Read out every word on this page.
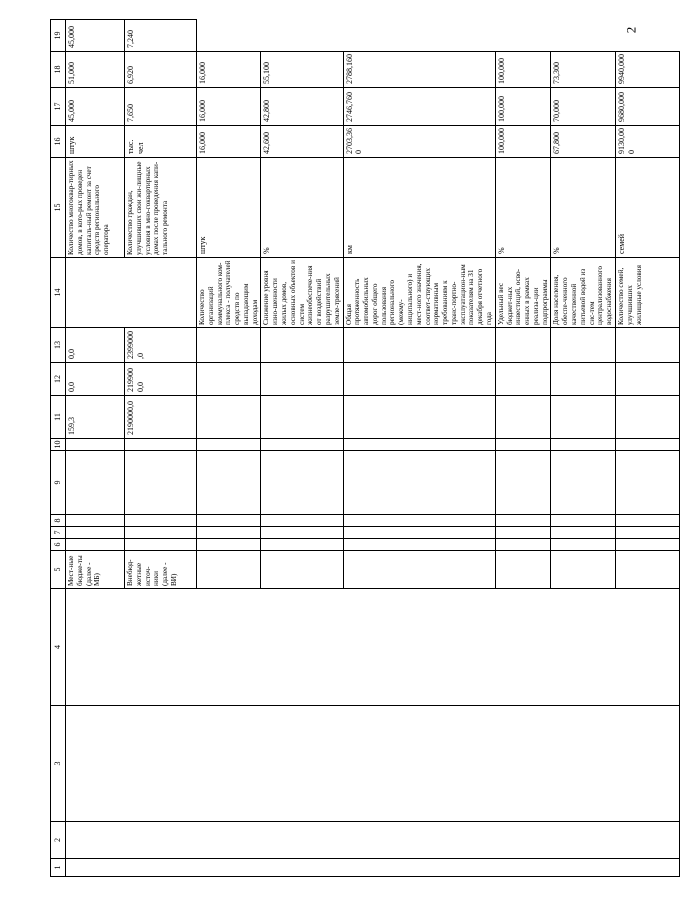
2
1	2	3	4	5	6	7	8	9	10	11	12	13	14	15	16	17	18	19
				Мест-ные бюдже-ты (далее - МБ)						159,3	0,0	0,0		Количество многоквар-тирных домов, в кото-рых проведен капиталь-ный ремонт за счет средств регионального оператора	штук	45,000	51,000	45,000
				Внебюд-жетные источ-ники (далее - ВИ)						2190000,0	2199000,0	2399000,0		Количество граждан, улучшивших свои жи-лищные условия в мно-гоквартирных домах после проведения капи-тального ремонта	тыс. чел	7,650	6,920	7,240
													Количество организаций коммунального ком-плекса - получателей средств по выпадающим доходам	штук	16,000	16,000	16,000	
													Снижение уровня изно-шенности жилых домов, основных объектов и систем жизнеобеспече-ния от воздействий разрушительных земле-трясений	%	42,600	42,800	55,100	
													Общая протяженность автомобильных дорог общего пользования регионального (межму-ниципального) и мест-ного значения, соответ-ствующих нормативным требованиям к транс-портно-эксплуатацион-ным показателям на 31 декабря отчетного года	км	2703,360	2746,760	2788,160	
													Удельный вес бюджет-ных инвестиций, осво-енных в рамках реализа-ции подпрограммы	%	100,000	100,000	100,000	
													Доля населения, обеспе-ченного качественной питьевой водой из сис-тем централизованного водоснабжения	%	67,800	70,000	73,300	
													Количество семей, улучшивших жилищные условия	семей	9130,000	9680,000	9940,000	
